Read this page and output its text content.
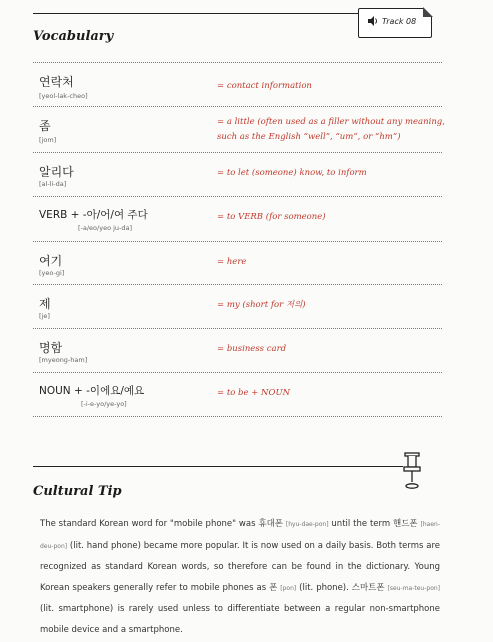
Track 08
Vocabulary
연락처
[yeol-lak-cheo]
= contact information
좀
[jom]
= a little (often used as a filler without any meaning, such as the English “well”, “um”, or “hm”)
알리다
[al-li-da]
= to let (someone) know, to inform
VERB + -아/어/여 주다
[-a/eo/yeo ju-da]
= to VERB (for someone)
여기
[yeo-gi]
= here
제
[je]
= my (short for 저의)
명함
[myeong-ham]
= business card
NOUN + -이에요/예요
[-i-e-yo/ye-yo]
= to be + NOUN
Cultural Tip
The standard Korean word for "mobile phone" was 휴대폰 [hyu-dae-pon] until the term 핸드폰 [haen-deu-pon] (lit. hand phone) became more popular. It is now used on a daily basis. Both terms are recognized as standard Korean words, so therefore can be found in the dictionary. Young Korean speakers generally refer to mobile phones as 폰 [pon] (lit. phone). 스마트폰 [seu-ma-teu-pon] (lit. smartphone) is rarely used unless to differentiate between a regular non-smartphone mobile device and a smartphone.
